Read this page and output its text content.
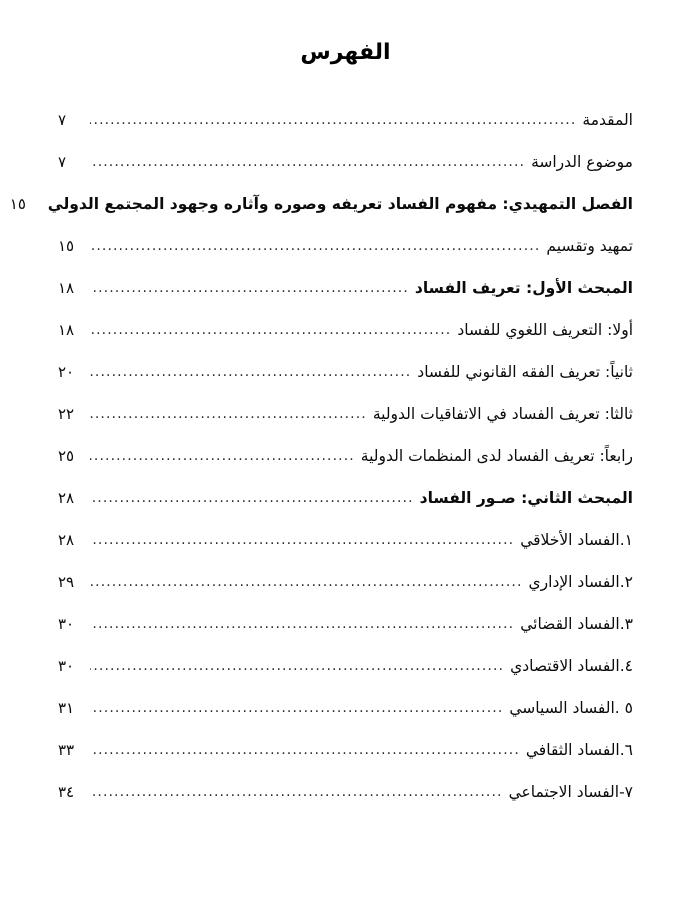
الفهرس
المقدمة
.....
٧
موضوع الدراسة
.....
٧
الفصل التمهيدي: مفهوم الفساد تعريفه وصوره وآثاره وجهود المجتمع الدولي
١٥
تمهيد وتقسيم
.....
١٥
المبحث الأول: تعريف الفساد
.....
١٨
أولا: التعريف اللغوي للفساد
.....
١٨
ثانياً: تعريف الفقه القانوني للفساد
.....
٢٠
ثالثا: تعريف الفساد في الاتفاقيات الدولية
.....
٢٢
رابعاً: تعريف الفساد لدى المنظمات الدولية
.....
٢٥
المبحث الثاني: صـور الفساد
.....
٢٨
١.الفساد الأخلاقي
.....
٢٨
٢.الفساد الإداري
.....
٢٩
٣.الفساد القضائي
.....
٣٠
٤.الفساد الاقتصادي
.....
٣٠
٥ .الفساد السياسي
.....
٣١
٦.الفساد الثقافي
.....
٣٣
٧-الفساد الاجتماعي
.....
٣٤
